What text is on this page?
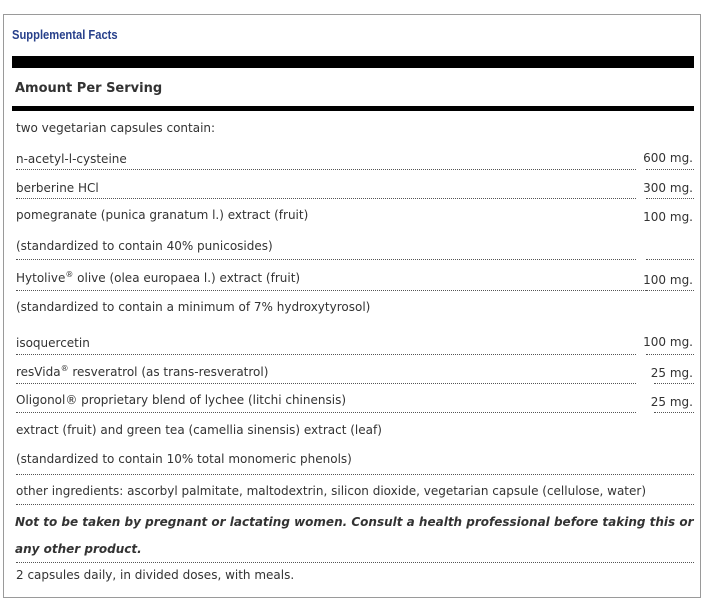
Supplemental Facts
Amount Per Serving
two vegetarian capsules contain:
n-acetyl-l-cysteine	600 mg.
berberine HCl	300 mg.
pomegranate (punica granatum l.) extract (fruit)	100 mg.
(standardized to contain 40% punicosides)
Hytolive® olive (olea europaea l.) extract (fruit)	100 mg.
(standardized to contain a minimum of 7% hydroxytyrosol)
isoquercetin	100 mg.
resVida® resveratrol (as trans-resveratrol)	25 mg.
Oligonol® proprietary blend of lychee (litchi chinensis)	25 mg.
extract (fruit) and green tea (camellia sinensis) extract (leaf)
(standardized to contain 10% total monomeric phenols)
other ingredients: ascorbyl palmitate, maltodextrin, silicon dioxide, vegetarian capsule (cellulose, water)
Not to be taken by pregnant or lactating women. Consult a health professional before taking this or any other product.
2 capsules daily, in divided doses, with meals.
